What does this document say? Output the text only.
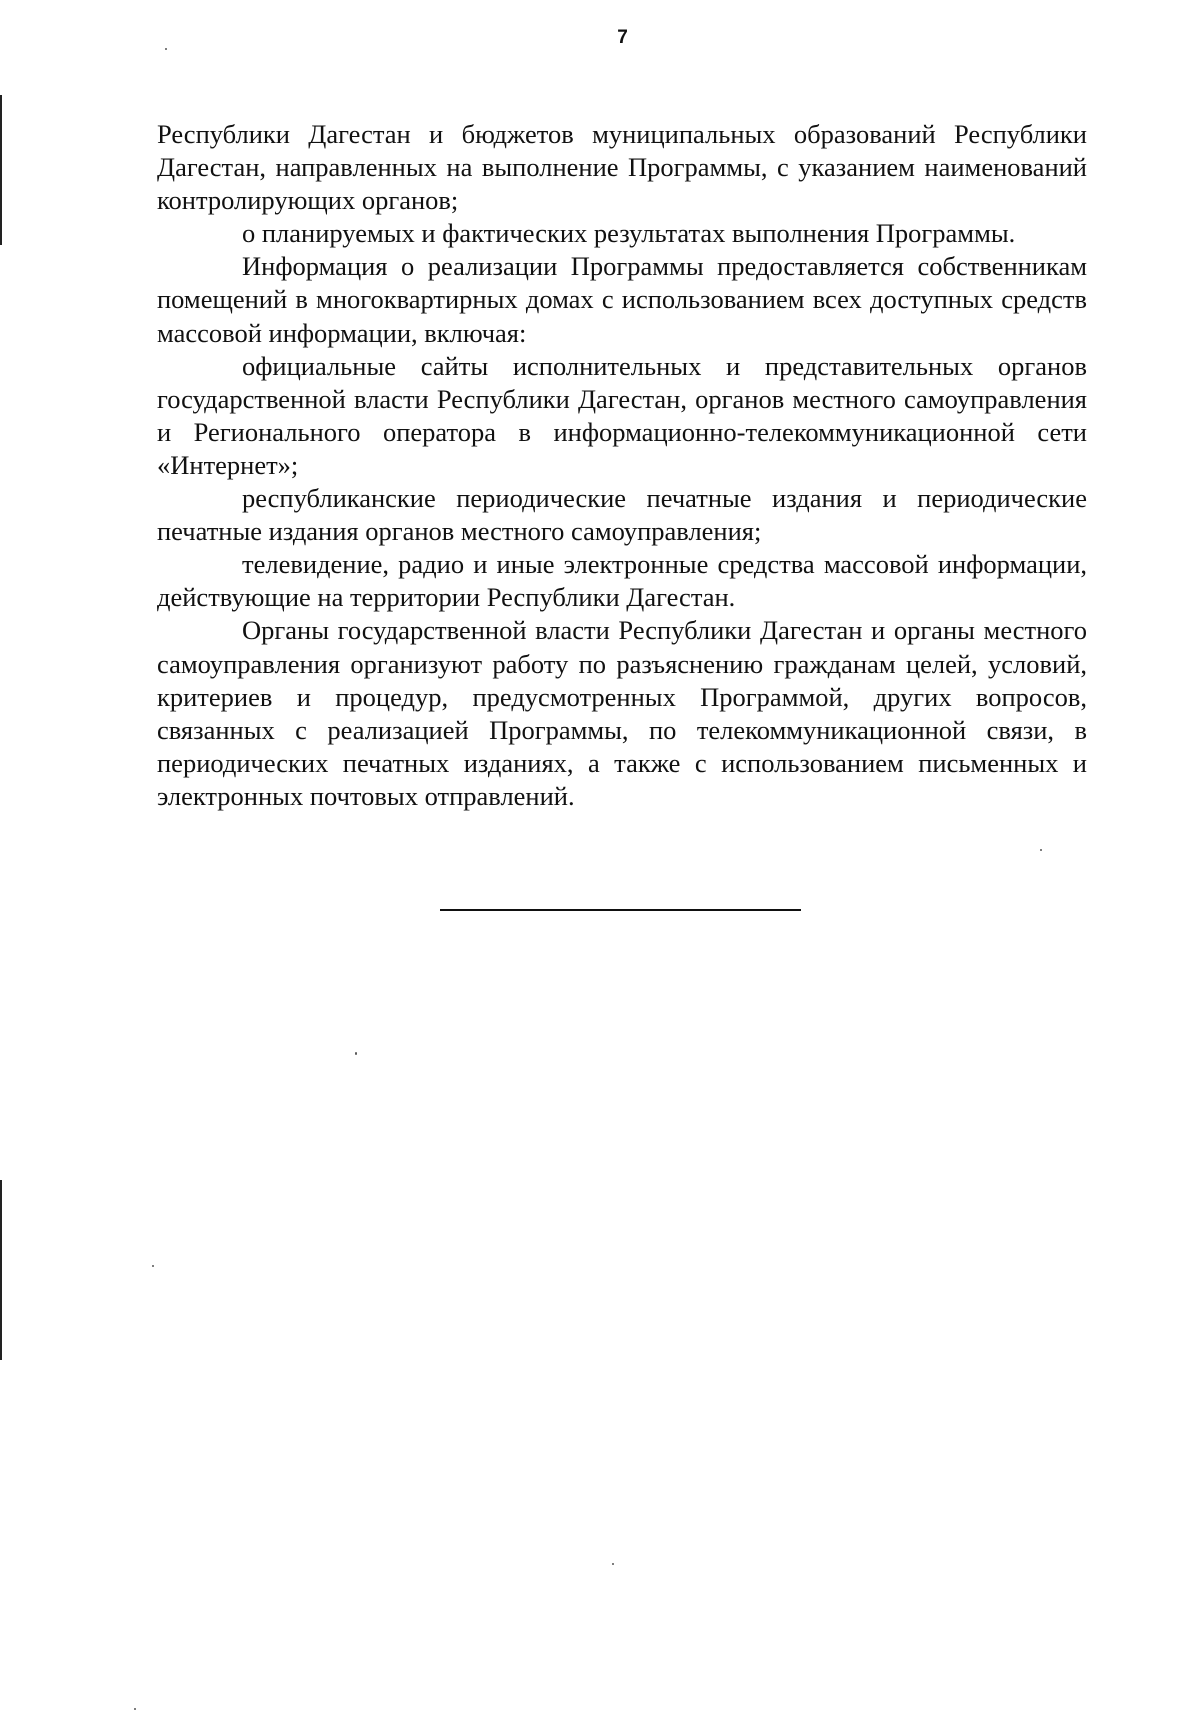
7

Республики Дагестан и бюджетов муниципальных образований Республики Дагестан, направленных на выполнение Программы, с указанием наименований контролирующих органов;

о планируемых и фактических результатах выполнения Программы.

Информация о реализации Программы предоставляется собственникам помещений в многоквартирных домах с использованием всех доступных средств массовой информации, включая:

официальные сайты исполнительных и представительных органов государственной власти Республики Дагестан, органов местного самоуправления и Регионального оператора в информационно-телекоммуникационной сети «Интернет»;

республиканские периодические печатные издания и периодические печатные издания органов местного самоуправления;

телевидение, радио и иные электронные средства массовой информации, действующие на территории Республики Дагестан.

Органы государственной власти Республики Дагестан и органы местного самоуправления организуют работу по разъяснению гражданам целей, условий, критериев и процедур, предусмотренных Программой, других вопросов, связанных с реализацией Программы, по телекоммуникационной связи, в периодических печатных изданиях, а также с использованием письменных и электронных почтовых отправлений.
